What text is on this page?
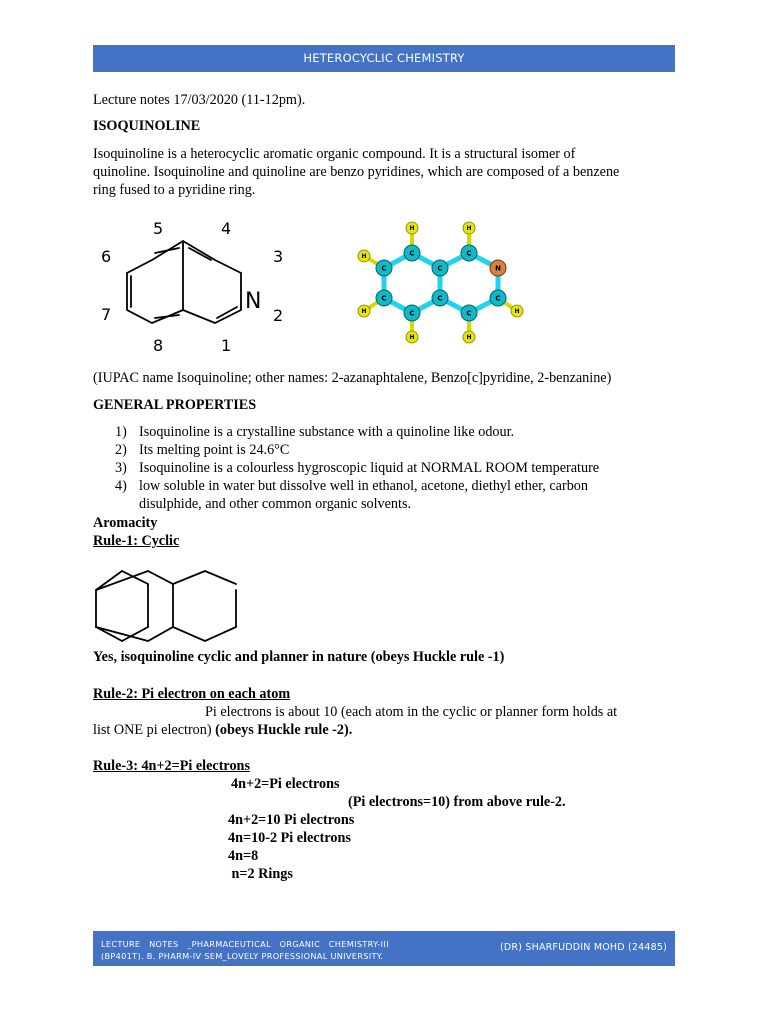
HETEROCYCLIC CHEMISTRY
Lecture notes 17/03/2020 (11-12pm).
ISOQUINOLINE
Isoquinoline is a heterocyclic aromatic organic compound. It is a structural isomer of
quinoline. Isoquinoline and quinoline are benzo pyridines, which are composed of a benzene
ring fused to a pyridine ring.
N
1
2
3
4
5
6
7
8
H	H
H
H
H	H
H
C
C
C
C
C
C
C
N
C
C
(IUPAC name Isoquinoline; other names: 2-azanaphtalene, Benzo[c]pyridine, 2-benzanine)
GENERAL PROPERTIES
1) Isoquinoline is a crystalline substance with a quinoline like odour.
2) Its melting point is 24.6°C
3) Isoquinoline is a colourless hygroscopic liquid at NORMAL ROOM temperature
4) low soluble in water but dissolve well in ethanol, acetone, diethyl ether, carbon
disulphide, and other common organic solvents.
Aromacity
Rule-1: Cyclic
Yes, isoquinoline cyclic and planner in nature (obeys Huckle rule -1)
Rule-2: Pi electron on each atom
Pi electrons is about 10 (each atom in the cyclic or planner form holds at
list ONE pi electron) (obeys Huckle rule -2).
Rule-3: 4n+2=Pi electrons
4n+2=Pi electrons
(Pi electrons=10) from above rule-2.
4n+2=10 Pi electrons
4n=10-2 Pi electrons
4n=8
n=2 Rings
LECTURE   NOTES   _PHARMACEUTICAL   ORGANIC   CHEMISTRY-III
(BP401T). B. PHARM-IV SEM_LOVELY PROFESSIONAL UNIVERSITY.
(DR) SHARFUDDIN MOHD (24485)
